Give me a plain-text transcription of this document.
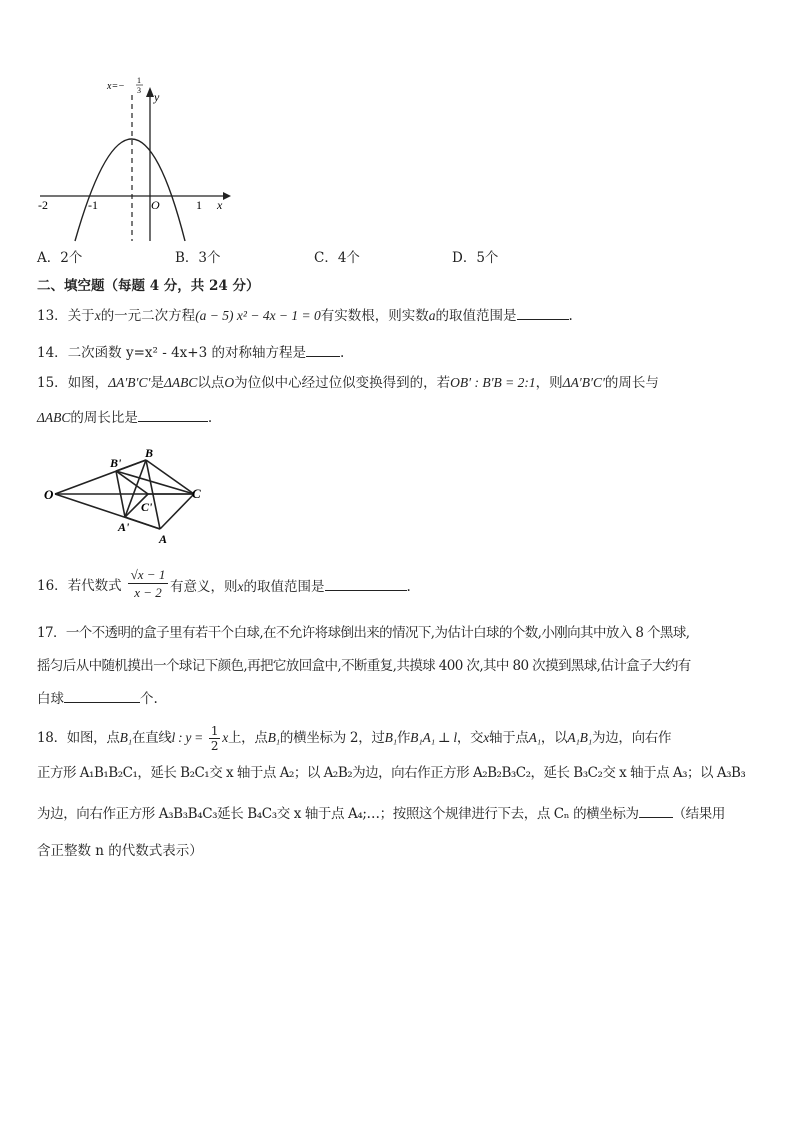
x=−
1
3 y
x
O
-2	-1	1
A．2个	B．3个	C．4个	D．5个
二、填空题（每题 4 分，共 24 分）
13．关于x的一元二次方程(a − 5) x² − 4x − 1 = 0有实数根，则实数a的取值范围是	.
14．二次函数 y=x² - 4x+3 的对称轴方程是	.
15．如图，ΔA′B′C′是ΔABC以点O为位似中心经过位似变换得到的，若OB′ : B′B = 2:1，则ΔA′B′C′的周长与
ΔABC的周长比是	.
O
B'
B
C
C'
A'
A
16．若代数式 $\frac{√x - 1}{x - 2}$ 有意义，则x的取值范围是	.
17．一个不透明的盒子里有若干个白球,在不允许将球倒出来的情况下,为估计白球的个数,小刚向其中放入 8 个黑球,
摇匀后从中随机摸出一个球记下颜色,再把它放回盒中,不断重复,共摸球 400 次,其中 80 次摸到黑球,估计盒子大约有
白球	个.
18．如图，点B₁在直线l : $y = \frac{1}{2}$ x上，点B₁的横坐标为 2，过B₁作B₁A₁ ⊥ l，交x轴于点A₁，以A₁B₁为边，向右作
正方形 A₁B₁B₂C₁，延长 B₂C₁交 x 轴于点 A₂；以 A₂B₂为边，向右作正方形 A₂B₂B₃C₂，延长 B₃C₂交 x 轴于点 A₃；以 A₃B₃
为边，向右作正方形 A₃B₃B₄C₃延长 B₄C₃交 x 轴于点 A₄;…；按照这个规律进行下去，点 Cₙ 的横坐标为	（结果用
含正整数 n 的代数式表示）
